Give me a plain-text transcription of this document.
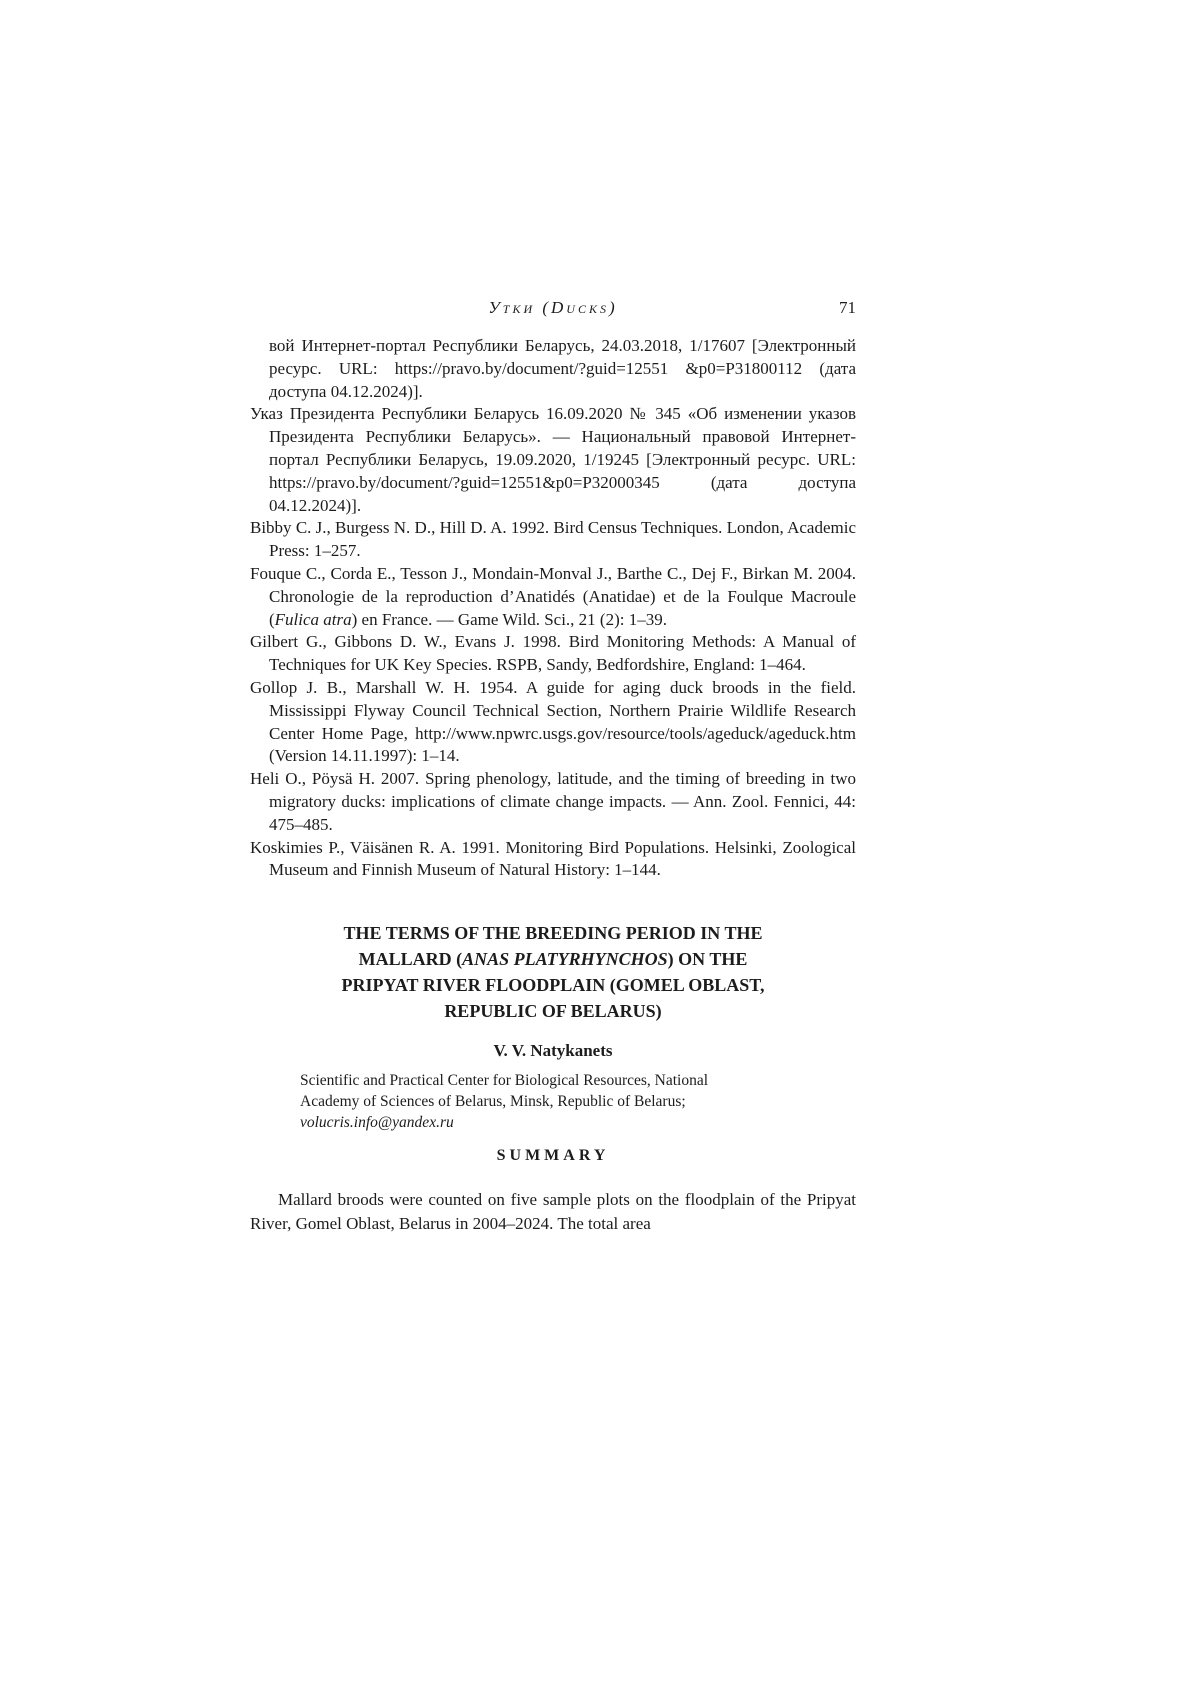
Утки (Ducks)	71

вой Интернет-портал Республики Беларусь, 24.03.2018, 1/17607 [Электронный ресурс. URL: https://pravo.by/document/?guid=12551 &p0=P31800112 (дата доступа 04.12.2024)].

Указ Президента Республики Беларусь 16.09.2020 № 345 «Об изменении указов Президента Республики Беларусь». — Национальный правовой Интернет-портал Республики Беларусь, 19.09.2020, 1/19245 [Электронный ресурс. URL: https://pravo.by/document/?guid=12551&p0=P32000345 (дата доступа 04.12.2024)].

Bibby C. J., Burgess N. D., Hill D. A. 1992. Bird Census Techniques. London, Academic Press: 1–257.

Fouque C., Corda E., Tesson J., Mondain-Monval J., Barthe C., Dej F., Birkan M. 2004. Chronologie de la reproduction d’Anatidés (Anatidae) et de la Foulque Macroule (Fulica atra) en France. — Game Wild. Sci., 21 (2): 1–39.

Gilbert G., Gibbons D. W., Evans J. 1998. Bird Monitoring Methods: A Manual of Techniques for UK Key Species. RSPB, Sandy, Bedfordshire, England: 1–464.

Gollop J. B., Marshall W. H. 1954. A guide for aging duck broods in the field. Mississippi Flyway Council Technical Section, Northern Prairie Wildlife Research Center Home Page, http://www.npwrc.usgs.gov/resource/tools/ageduck/ageduck.htm (Version 14.11.1997): 1–14.

Heli O., Pöysä H. 2007. Spring phenology, latitude, and the timing of breeding in two migratory ducks: implications of climate change impacts. — Ann. Zool. Fennici, 44: 475–485.

Koskimies P., Väisänen R. A. 1991. Monitoring Bird Populations. Helsinki, Zoological Museum and Finnish Museum of Natural History: 1–144.

THE TERMS OF THE BREEDING PERIOD IN THE
MALLARD (ANAS PLATYRHYNCHOS) ON THE
PRIPYAT RIVER FLOODPLAIN (GOMEL OBLAST,
REPUBLIC OF BELARUS)
V. V. Natykanets
Scientific and Practical Center for Biological Resources, National
Academy of Sciences of Belarus, Minsk, Republic of Belarus;
volucris.info@yandex.ru
SUMMARY

Mallard broods were counted on five sample plots on the floodplain of the Pripyat River, Gomel Oblast, Belarus in 2004–2024. The total area
